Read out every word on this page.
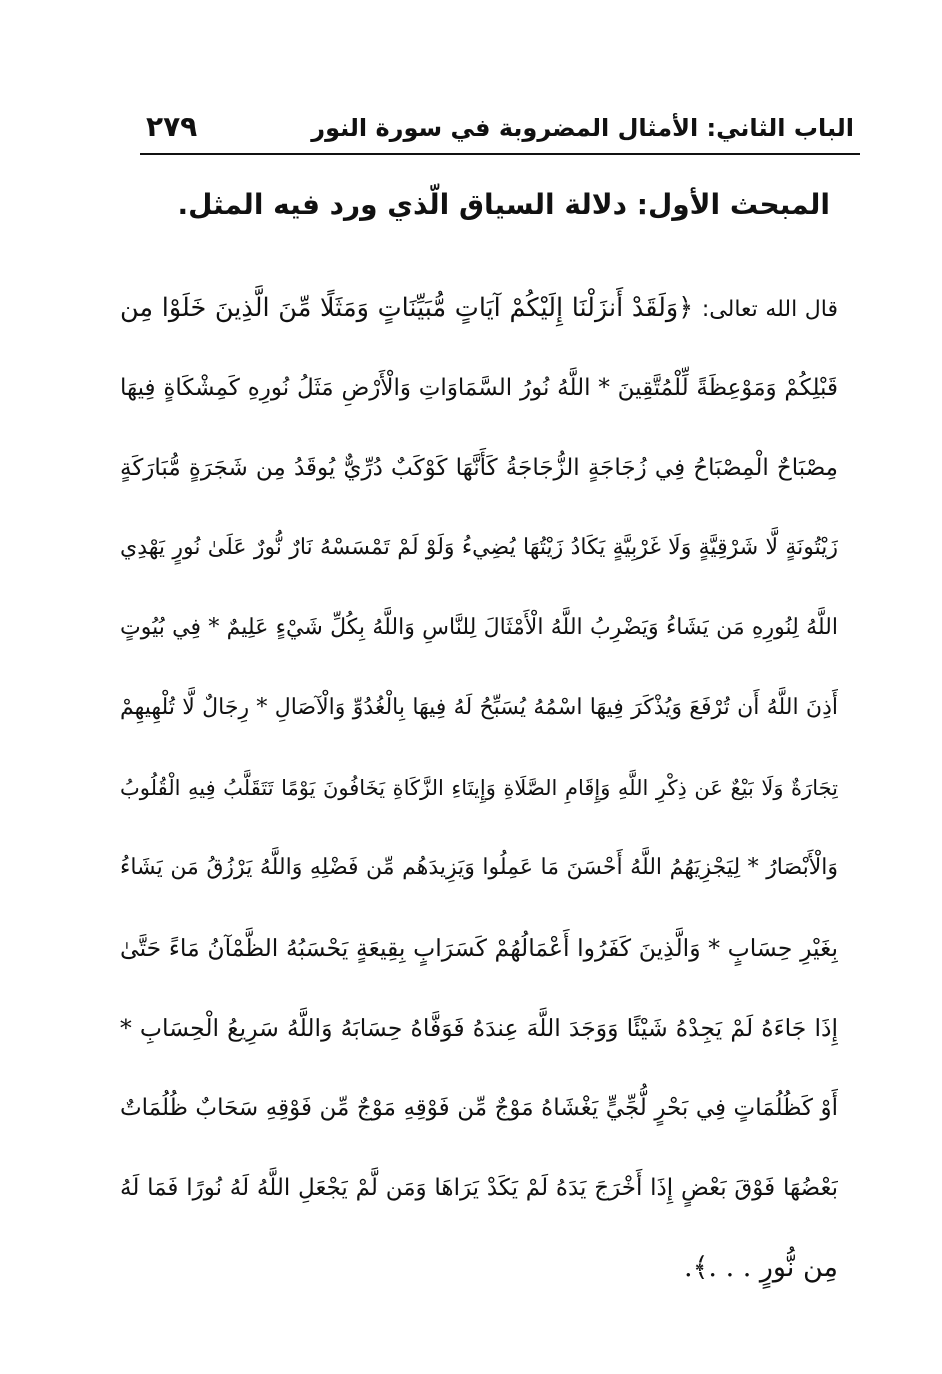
الباب الثاني: الأمثال المضروبة في سورة النور
٢٧٩
المبحث الأول: دلالة السياق الّذي ورد فيه المثل.
قال الله تعالى: ﴿وَلَقَدْ أَنزَلْنَا إِلَيْكُمْ آيَاتٍ مُّبَيِّنَاتٍ وَمَثَلًا مِّنَ الَّذِينَ خَلَوْا مِن
قَبْلِكُمْ وَمَوْعِظَةً لِّلْمُتَّقِينَ * اللَّهُ نُورُ السَّمَاوَاتِ وَالْأَرْضِ مَثَلُ نُورِهِ كَمِشْكَاةٍ فِيهَا
مِصْبَاحٌ الْمِصْبَاحُ فِي زُجَاجَةٍ الزُّجَاجَةُ كَأَنَّهَا كَوْكَبٌ دُرِّيٌّ يُوقَدُ مِن شَجَرَةٍ مُّبَارَكَةٍ
زَيْتُونَةٍ لَّا شَرْقِيَّةٍ وَلَا غَرْبِيَّةٍ يَكَادُ زَيْتُهَا يُضِيءُ وَلَوْ لَمْ تَمْسَسْهُ نَارٌ نُّورٌ عَلَىٰ نُورٍ يَهْدِي
اللَّهُ لِنُورِهِ مَن يَشَاءُ وَيَضْرِبُ اللَّهُ الْأَمْثَالَ لِلنَّاسِ وَاللَّهُ بِكُلِّ شَيْءٍ عَلِيمٌ * فِي بُيُوتٍ
أَذِنَ اللَّهُ أَن تُرْفَعَ وَيُذْكَرَ فِيهَا اسْمُهُ يُسَبِّحُ لَهُ فِيهَا بِالْغُدُوِّ وَالْآصَالِ * رِجَالٌ لَّا تُلْهِيهِمْ
تِجَارَةٌ وَلَا بَيْعٌ عَن ذِكْرِ اللَّهِ وَإِقَامِ الصَّلَاةِ وَإِيتَاءِ الزَّكَاةِ يَخَافُونَ يَوْمًا تَتَقَلَّبُ فِيهِ الْقُلُوبُ
وَالْأَبْصَارُ * لِيَجْزِيَهُمُ اللَّهُ أَحْسَنَ مَا عَمِلُوا وَيَزِيدَهُم مِّن فَضْلِهِ وَاللَّهُ يَرْزُقُ مَن يَشَاءُ
بِغَيْرِ حِسَابٍ * وَالَّذِينَ كَفَرُوا أَعْمَالُهُمْ كَسَرَابٍ بِقِيعَةٍ يَحْسَبُهُ الظَّمْآنُ مَاءً حَتَّىٰ
إِذَا جَاءَهُ لَمْ يَجِدْهُ شَيْئًا وَوَجَدَ اللَّهَ عِندَهُ فَوَفَّاهُ حِسَابَهُ وَاللَّهُ سَرِيعُ الْحِسَابِ *
أَوْ كَظُلُمَاتٍ فِي بَحْرٍ لُّجِّيٍّ يَغْشَاهُ مَوْجٌ مِّن فَوْقِهِ مَوْجٌ مِّن فَوْقِهِ سَحَابٌ ظُلُمَاتٌ
بَعْضُهَا فَوْقَ بَعْضٍ إِذَا أَخْرَجَ يَدَهُ لَمْ يَكَدْ يَرَاهَا وَمَن لَّمْ يَجْعَلِ اللَّهُ لَهُ نُورًا فَمَا لَهُ
مِن نُّورٍ . . .﴾.
